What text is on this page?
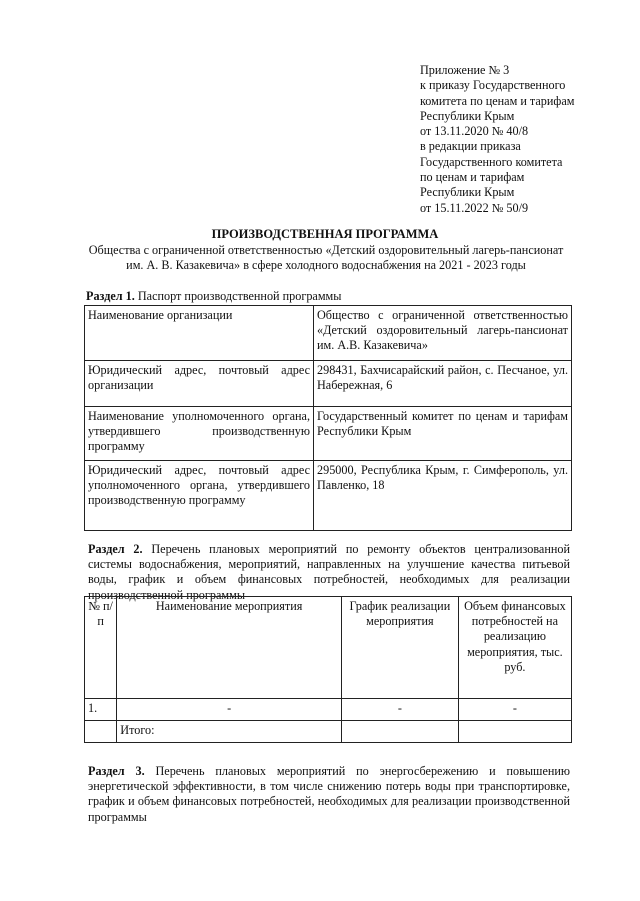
Приложение № 3
к приказу Государственного
комитета по ценам и тарифам
Республики Крым
от 13.11.2020 № 40/8
в редакции приказа
Государственного комитета
по ценам и тарифам
Республики Крым
от 15.11.2022 № 50/9
ПРОИЗВОДСТВЕННАЯ ПРОГРАММА
Общества с ограниченной ответственностью «Детский оздоровительный лагерь-пансионат им. А. В. Казакевича» в сфере холодного водоснабжения на 2021 - 2023 годы
Раздел 1. Паспорт производственной программы
Наименование организации	Общество с ограниченной ответственностью «Детский оздоровительный лагерь-пансионат им. А.В. Казакевича»
Юридический адрес, почтовый адрес организации	298431, Бахчисарайский район, с. Песчаное, ул. Набережная, 6
Наименование уполномоченного органа, утвердившего производственную программу	Государственный комитет по ценам и тарифам Республики Крым
Юридический адрес, почтовый адрес уполномоченного органа, утвердившего производственную программу	295000, Республика Крым, г. Симферополь, ул. Павленко, 18
Раздел 2. Перечень плановых мероприятий по ремонту объектов централизованной системы водоснабжения, мероприятий, направленных на улучшение качества питьевой воды, график и объем финансовых потребностей, необходимых для реализации производственной программы
№ п/п	Наименование мероприятия	График реализации мероприятия	Объем финансовых потребностей на реализацию мероприятия, тыс. руб.
1.	-	-	-
	Итого:		
Раздел 3. Перечень плановых мероприятий по энергосбережению и повышению энергетической эффективности, в том числе снижению потерь воды при транспортировке, график и объем финансовых потребностей, необходимых для реализации производственной программы
